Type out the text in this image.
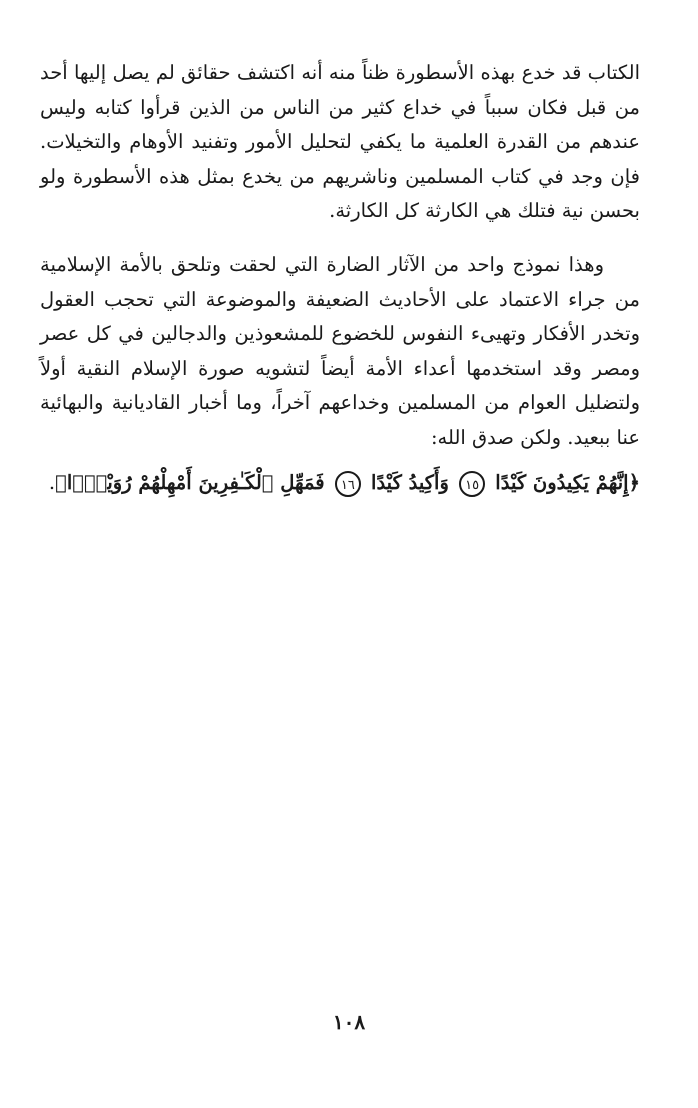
الكتاب قد خدع بهذه الأسطورة ظناً منه أنه اكتشف حقائق لم يصل إليها أحد من قبل فكان سبباً في خداع كثير من الناس من الذين قرأوا كتابه وليس عندهم من القدرة العلمية ما يكفي لتحليل الأمور وتفنيد الأوهام والتخيلات. فإن وجد في كتاب المسلمين وناشريهم من يخدع بمثل هذه الأسطورة ولو بحسن نية فتلك هي الكارثة كل الكارثة.

وهذا نموذج واحد من الآثار الضارة التي لحقت وتلحق بالأمة الإسلامية من جراء الاعتماد على الأحاديث الضعيفة والموضوعة التي تحجب العقول وتخدر الأفكار وتهيىء النفوس للخضوع للمشعوذين والدجالين في كل عصر ومصر وقد استخدمها أعداء الأمة أيضاً لتشويه صورة الإسلام النقية أولاً ولتضليل العوام من المسلمين وخداعهم آخراً، وما أخبار القاديانية والبهائية عنا ببعيد. ولكن صدق الله:

﴿إِنَّهُمْ يَكِيدُونَ كَيْدًا ١٥ وَأَكِيدُ كَيْدًا ١٦ فَمَهِّلِ ٱلْكَـٰفِرِينَ أَمْهِلْهُمْ رُوَيْدًۢا﴾.
١٠٨
